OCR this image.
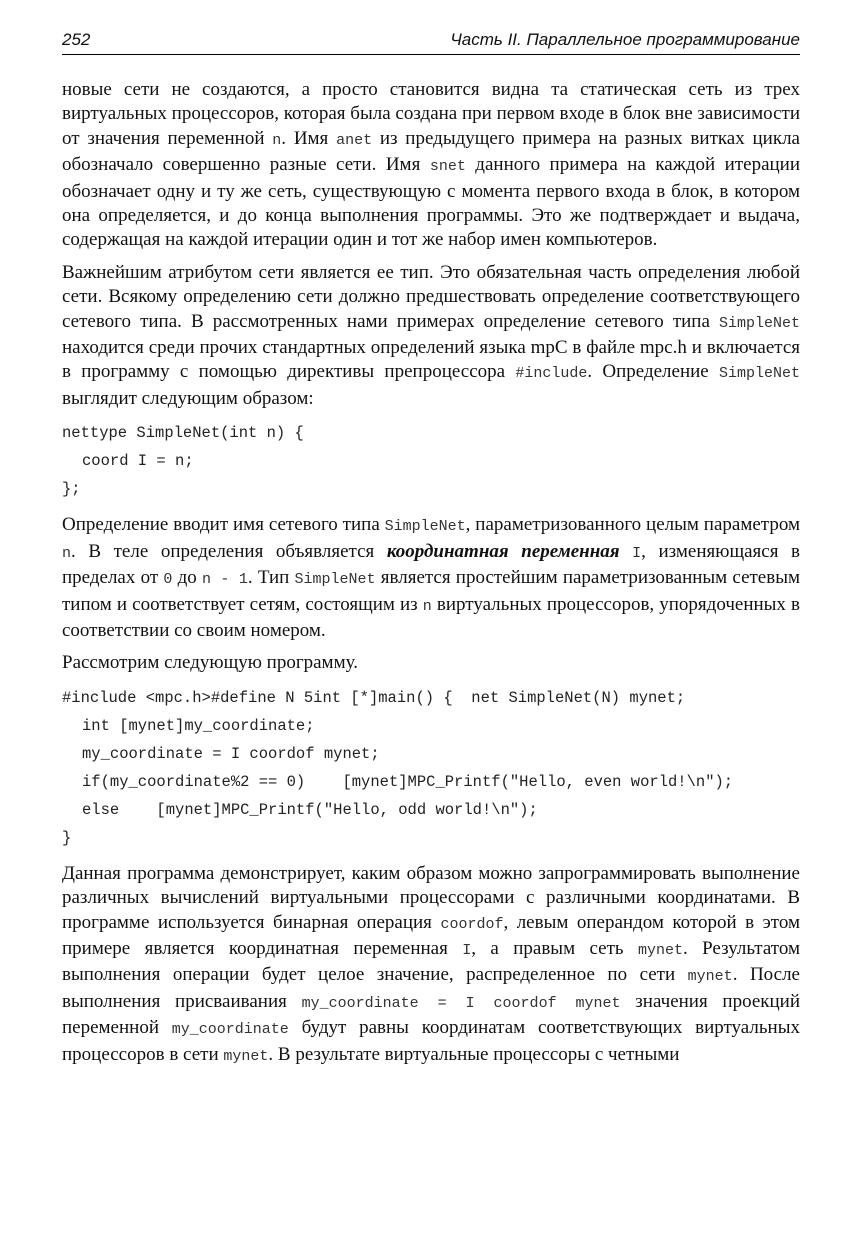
252	Часть II. Параллельное программирование

новые сети не создаются, а просто становится видна та статическая сеть из трех виртуальных процессоров, которая была создана при первом входе в блок вне зависимости от значения переменной n. Имя anet из предыдущего примера на разных витках цикла обозначало совершенно разные сети. Имя snet данного примера на каждой итерации обозначает одну и ту же сеть, существующую с момента первого входа в блок, в котором она определяется, и до конца выполнения программы. Это же подтверждает и выдача, содержащая на каждой итерации один и тот же набор имен компьютеров.

Важнейшим атрибутом сети является ее тип. Это обязательная часть определения любой сети. Всякому определению сети должно предшествовать определение соответствующего сетевого типа. В рассмотренных нами примерах определение сетевого типа SimpleNet находится среди прочих стандартных определений языка mpC в файле mpc.h и включается в программу с помощью директивы препроцессора #include. Определение SimpleNet выглядит следующим образом:

nettype SimpleNet(int n) {
coord I = n;
};

Определение вводит имя сетевого типа SimpleNet, параметризованного целым параметром n. В теле определения объявляется координатная переменная I, изменяющаяся в пределах от 0 до n - 1. Тип SimpleNet является простейшим параметризованным сетевым типом и соответствует сетям, состоящим из n виртуальных процессоров, упорядоченных в соответствии со своим номером.

Рассмотрим следующую программу.

#include <mpc.h>#define N 5int [*]main() {  net SimpleNet(N) mynet;
int [mynet]my_coordinate;
my_coordinate = I coordof mynet;
if(my_coordinate%2 == 0)    [mynet]MPC_Printf("Hello, even world!\n");
else    [mynet]MPC_Printf("Hello, odd world!\n");
}

Данная программа демонстрирует, каким образом можно запрограммировать выполнение различных вычислений виртуальными процессорами с различными координатами. В программе используется бинарная операция coordof, левым операндом которой в этом примере является координатная переменная I, а правым сеть mynet. Результатом выполнения операции будет целое значение, распределенное по сети mynet. После выполнения присваивания my_coordinate = I coordof mynet значения проекций переменной my_coordinate будут равны координатам соответствующих виртуальных процессоров в сети mynet. В результате виртуальные процессоры с четными
